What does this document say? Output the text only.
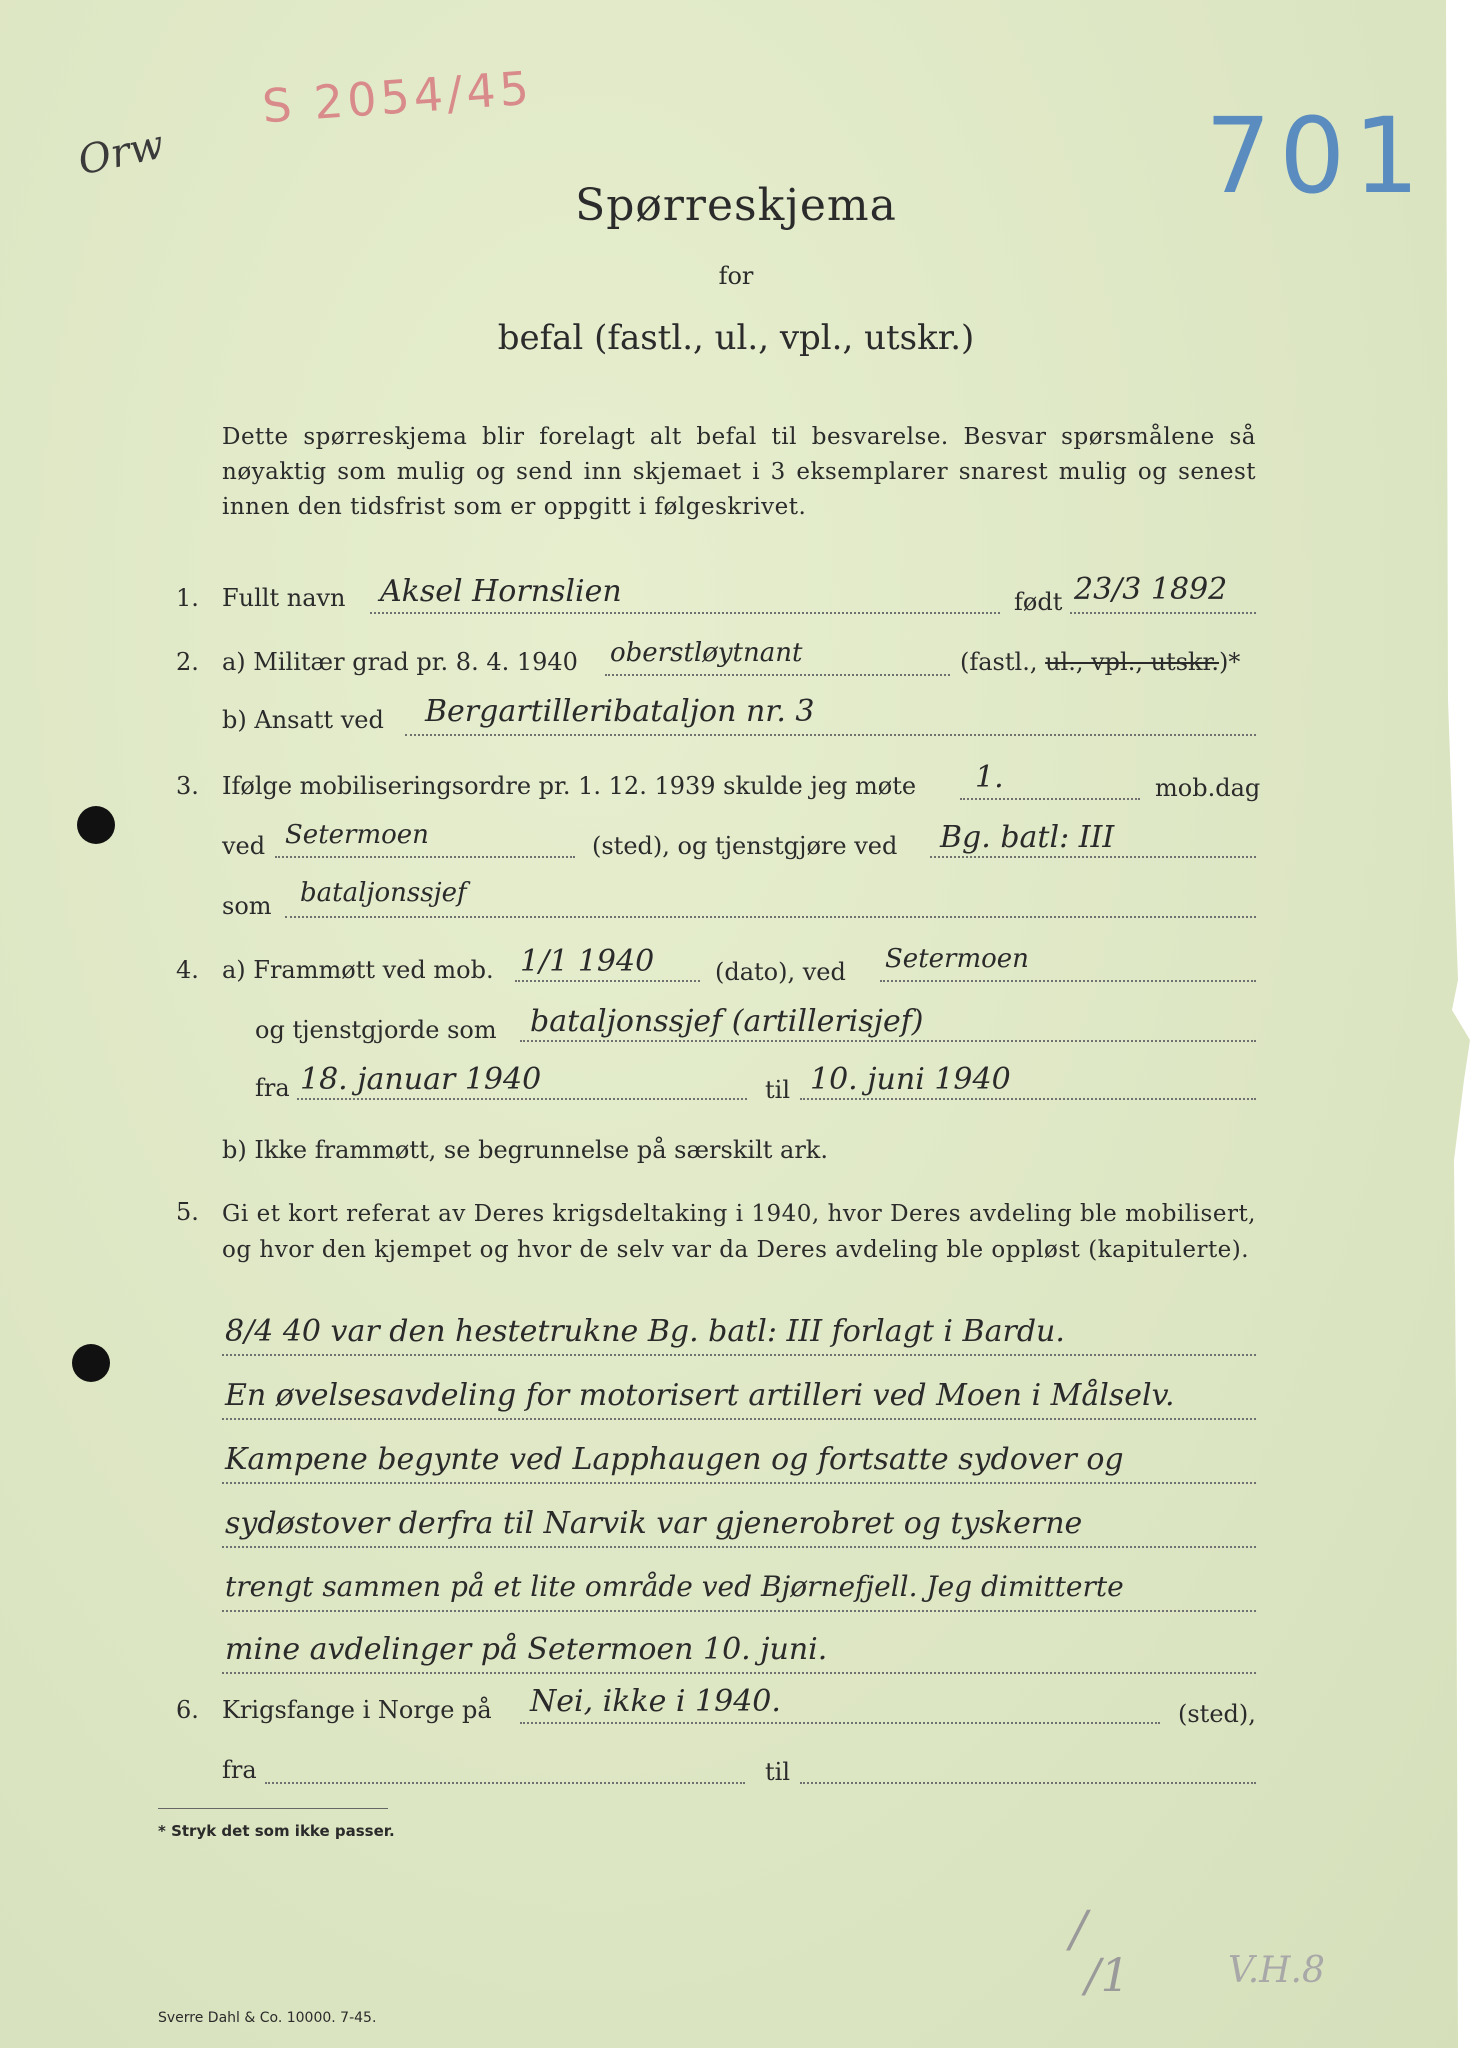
Orw
S 2054/45	701
Spørreskjema
for
befal (fastl., ul., vpl., utskr.)
Dette spørreskjema blir forelagt alt befal til besvarelse. Besvar spørsmålene så nøyaktig som mulig og send inn skjemaet i 3 eksemplarer snarest mulig og senest innen den tidsfrist som er oppgitt i følgeskrivet.
1. Fullt navn Aksel Hornslien	født 23/3 1892
2. a) Militær grad pr. 8. 4. 1940 oberstløytnant	(fastl., ul., vpl., utskr.)*
b) Ansatt ved Bergartilleribataljon nr. 3
3. Ifølge mobiliseringsordre pr. 1. 12. 1939 skulde jeg møte 1.	mob.dag
ved Setermoen	(sted), og tjenstgjøre ved Bg. batl: III
som bataljonssjef
4. a) Frammøtt ved mob. 1/1 1940	(dato), ved Setermoen
og tjenstgjorde som bataljonssjef (artillerisjef)
fra 18. januar 1940	til 10. juni 1940
b) Ikke frammøtt, se begrunnelse på særskilt ark.
5. Gi et kort referat av Deres krigsdeltaking i 1940, hvor Deres avdeling ble mobilisert, og hvor den kjempet og hvor de selv var da Deres avdeling ble oppløst (kapitulerte).
8/4 40 var den hestetrukne Bg. batl: III forlagt i Bardu.
En øvelsesavdeling for motorisert artilleri ved Moen i Målselv.
Kampene begynte ved Lapphaugen og fortsatte sydover og
sydøstover derfra til Narvik var gjenerobret og tyskerne
trengt sammen på et lite område ved Bjørnefjell. Jeg dimitterte
mine avdelinger på Setermoen 10. juni.
6. Krigsfange i Norge på Nei, ikke i 1940.	(sted),
fra	til
* Stryk det som ikke passer.
/
/1	V.H.8
Sverre Dahl & Co. 10000. 7-45.
